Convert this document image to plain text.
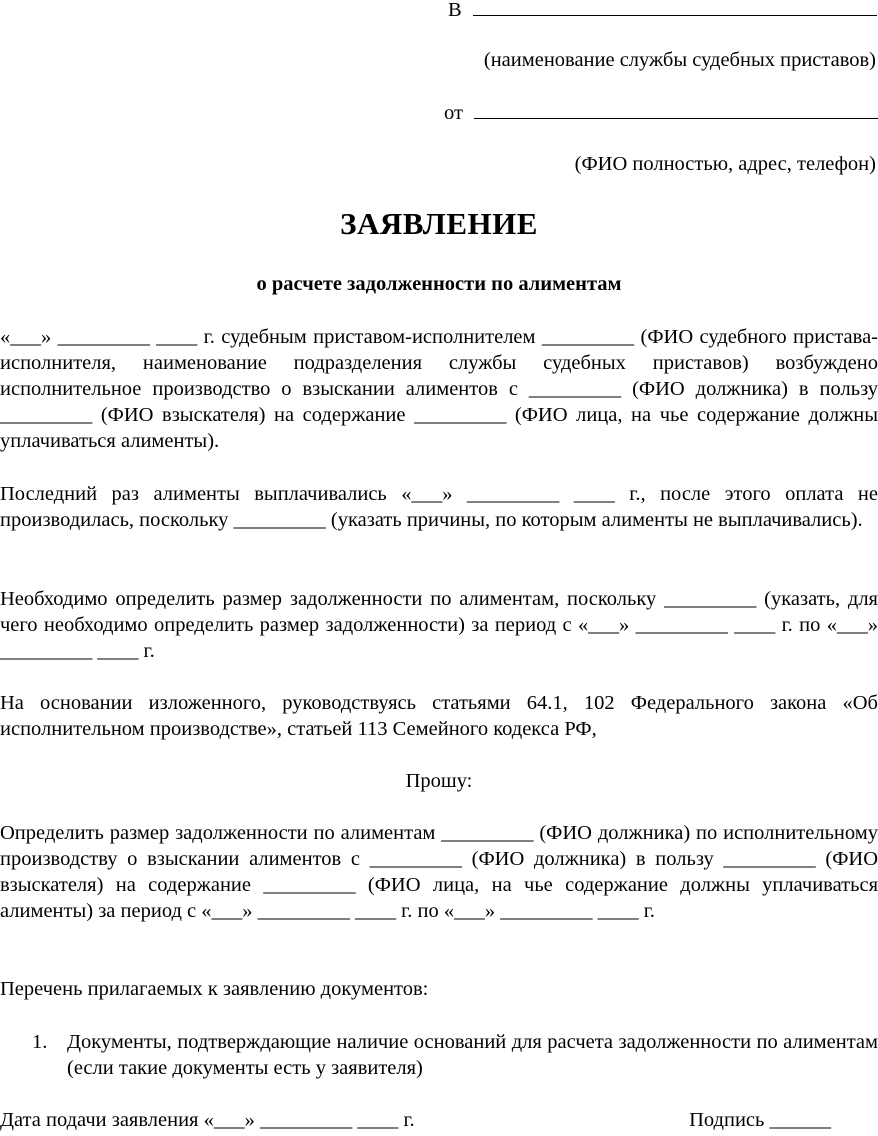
В
(наименование службы судебных приставов)
от
(ФИО полностью, адрес, телефон)
ЗАЯВЛЕНИЕ
о расчете задолженности по алиментам
«___» _________ ____ г. судебным приставом-исполнителем _________ (ФИО судебного пристава-исполнителя, наименование подразделения службы судебных приставов) возбуждено исполнительное производство о взыскании алиментов с _________ (ФИО должника) в пользу _________ (ФИО взыскателя) на содержание _________ (ФИО лица, на чье содержание должны уплачиваться алименты).
Последний раз алименты выплачивались «___» _________ ____ г., после этого оплата не производилась, поскольку _________ (указать причины, по которым алименты не выплачивались).
Необходимо определить размер задолженности по алиментам, поскольку _________ (указать, для чего необходимо определить размер задолженности) за период с «___» _________ ____ г. по «___» _________ ____ г.
На основании изложенного, руководствуясь статьями 64.1, 102 Федерального закона «Об исполнительном производстве», статьей 113 Семейного кодекса РФ,
Прошу:
Определить размер задолженности по алиментам _________ (ФИО должника) по исполнительному производству о взыскании алиментов с _________ (ФИО должника) в пользу _________ (ФИО взыскателя) на содержание _________ (ФИО лица, на чье содержание должны уплачиваться алименты) за период с «___» _________ ____ г. по «___» _________ ____ г.
Перечень прилагаемых к заявлению документов:
1. Документы, подтверждающие наличие оснований для расчета задолженности по алиментам (если такие документы есть у заявителя)
Дата подачи заявления «___» _________ ____ г.	Подпись ______
